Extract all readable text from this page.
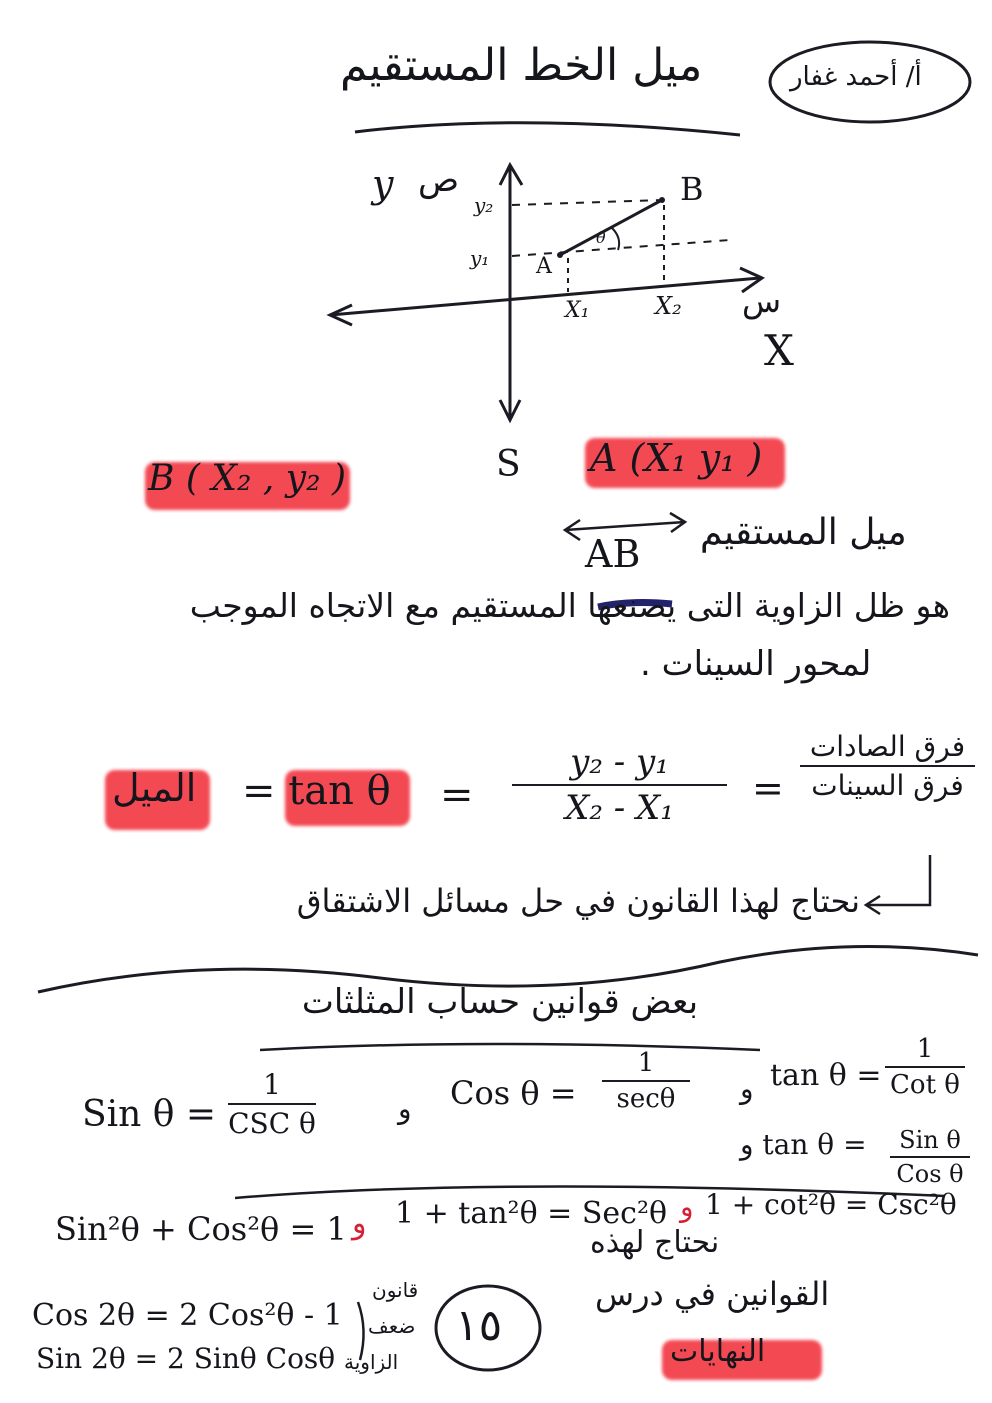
ميل الخط المستقيم	أ/ أحمد غفار
ص
y	B
A
y₂
y₁
X₁	X₂
θ
س
X
S
B ( X₂ , y₂ )	A (X₁ y₁ )
ميل المستقيم
AB
هو ظل الزاوية التى يصنعها المستقيم مع الاتجاه الموجب
لمحور السينات .
الميل = tan θ =
y₂ - y₁
X₂ - X₁	=
فرق الصادات
فرق السينات
نحتاج لهذا القانون في حل مسائل الاشتقاق
بعض قوانين حساب المثلثات
Sin θ =
1
CSC θ	و Cos θ =
1
secθ	و tan θ =
1
Cot θ
و tan θ =	Sin θ
Cos θ
Sin²θ + Cos²θ = 1 و 1 + tan²θ = Sec²θ و 1 + cot²θ = Csc²θ
Cos 2θ = 2 Cos²θ - 1
Sin 2θ = 2 Sinθ Cosθ
قانون
ضعف
الزاوية
١٥
نحتاج لهذه
القوانين في درس
النهايات
